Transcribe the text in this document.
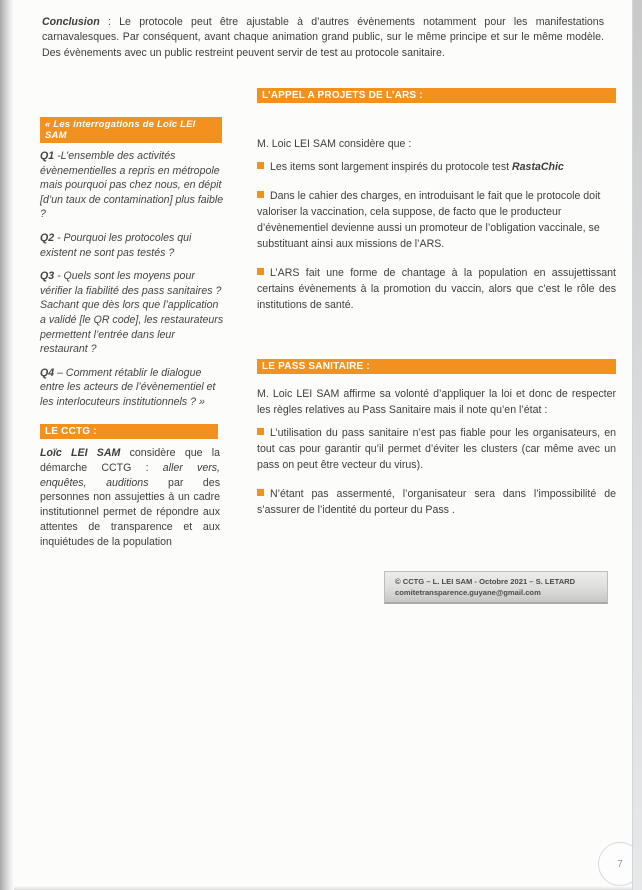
Conclusion : Le protocole peut être ajustable à d’autres évènements notamment pour les manifestations carnavalesques. Par conséquent, avant chaque animation grand public, sur le même principe et sur le même modèle. Des évènements avec un public restreint peuvent servir de test au protocole sanitaire.

« Les interrogations de Loïc LEI SAM

Q1 -L’ensemble des activités évènementielles a repris en métropole mais pourquoi pas chez nous, en dépit [d’un taux de contamination] plus faible ?

Q2 - Pourquoi les protocoles qui existent ne sont pas testés ?

Q3 - Quels sont les moyens pour vérifier la fiabilité des pass sanitaires ? Sachant que dès lors que l’application a validé [le QR code], les restaurateurs permettent l’entrée dans leur restaurant ?

Q4 – Comment rétablir le dialogue entre les acteurs de l’évènementiel et les interlocuteurs institutionnels ? »

LE CCTG :

Loïc LEI SAM considère que la démarche CCTG : aller vers, enquêtes, auditions par des personnes non assujetties à un cadre institutionnel permet de répondre aux attentes de transparence et aux inquiétudes de la population

L’APPEL A PROJETS DE L’ARS :

M. Loic LEI SAM considère que :

Les items sont largement inspirés du protocole test RastaChic

Dans le cahier des charges, en introduisant le fait que le protocole doit valoriser la vaccination, cela suppose, de facto que le producteur d’évènementiel devienne aussi un promoteur de l’obligation vaccinale, se substituant ainsi aux missions de l’ARS.

L’ARS fait une forme de chantage à la population en assujettissant certains évènements à la promotion du vaccin, alors que c’est le rôle des institutions de santé.

LE PASS SANITAIRE :

M. Loic LEI SAM affirme sa volonté d’appliquer la loi et donc de respecter les règles relatives au Pass Sanitaire mais il note qu’en l’état :

L’utilisation du pass sanitaire n’est pas fiable pour les organisateurs, en tout cas pour garantir qu’il permet d’éviter les clusters (car même avec un pass on peut être vecteur du virus).

N’étant pas assermenté, l’organisateur sera dans l’impossibilité de s’assurer de l’identité du porteur du Pass .

© CCTG – L. LEI SAM - Octobre 2021 – S. LETARD
comitetransparence.guyane@gmail.com
7
